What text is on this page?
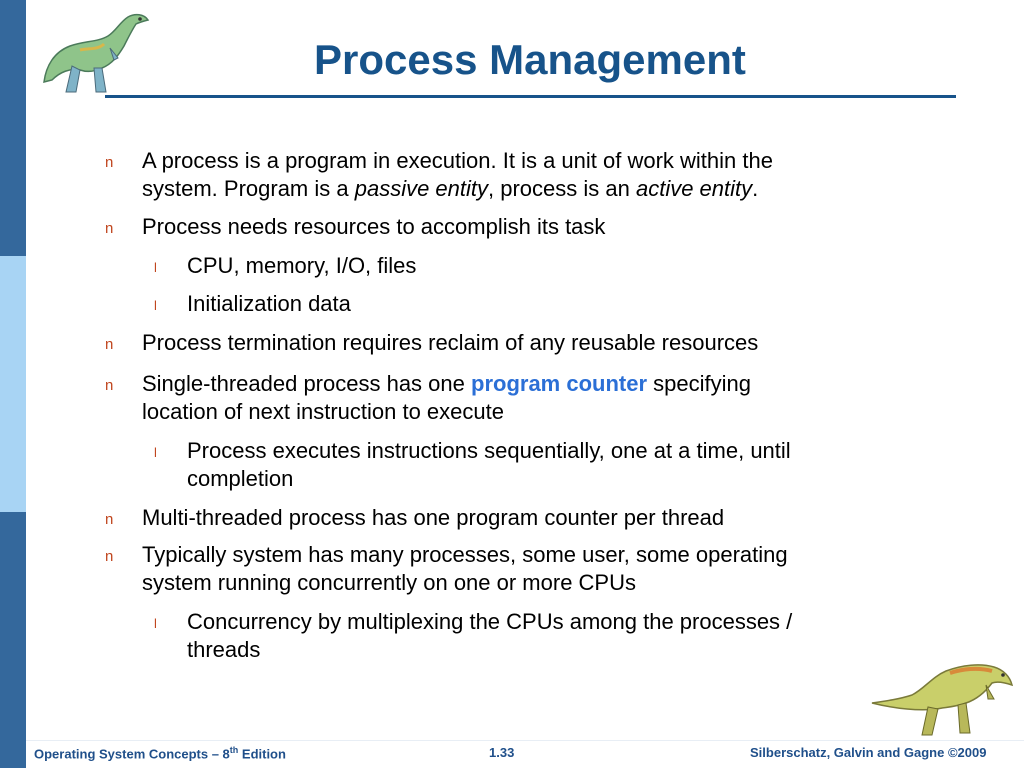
Process Management
n A process is a program in execution. It is a unit of work within the
system. Program is a passive entity, process is an active entity.
n Process needs resources to accomplish its task
l CPU, memory, I/O, files
l Initialization data
n Process termination requires reclaim of any reusable resources
n Single-threaded process has one program counter specifying
location of next instruction to execute
l Process executes instructions sequentially, one at a time, until
completion
n Multi-threaded process has one program counter per thread
n Typically system has many processes, some user, some operating
system running concurrently on one or more CPUs
l Concurrency by multiplexing the CPUs among the processes /
threads
Operating System Concepts – 8th Edition	1.33	Silberschatz, Galvin and Gagne ©2009
